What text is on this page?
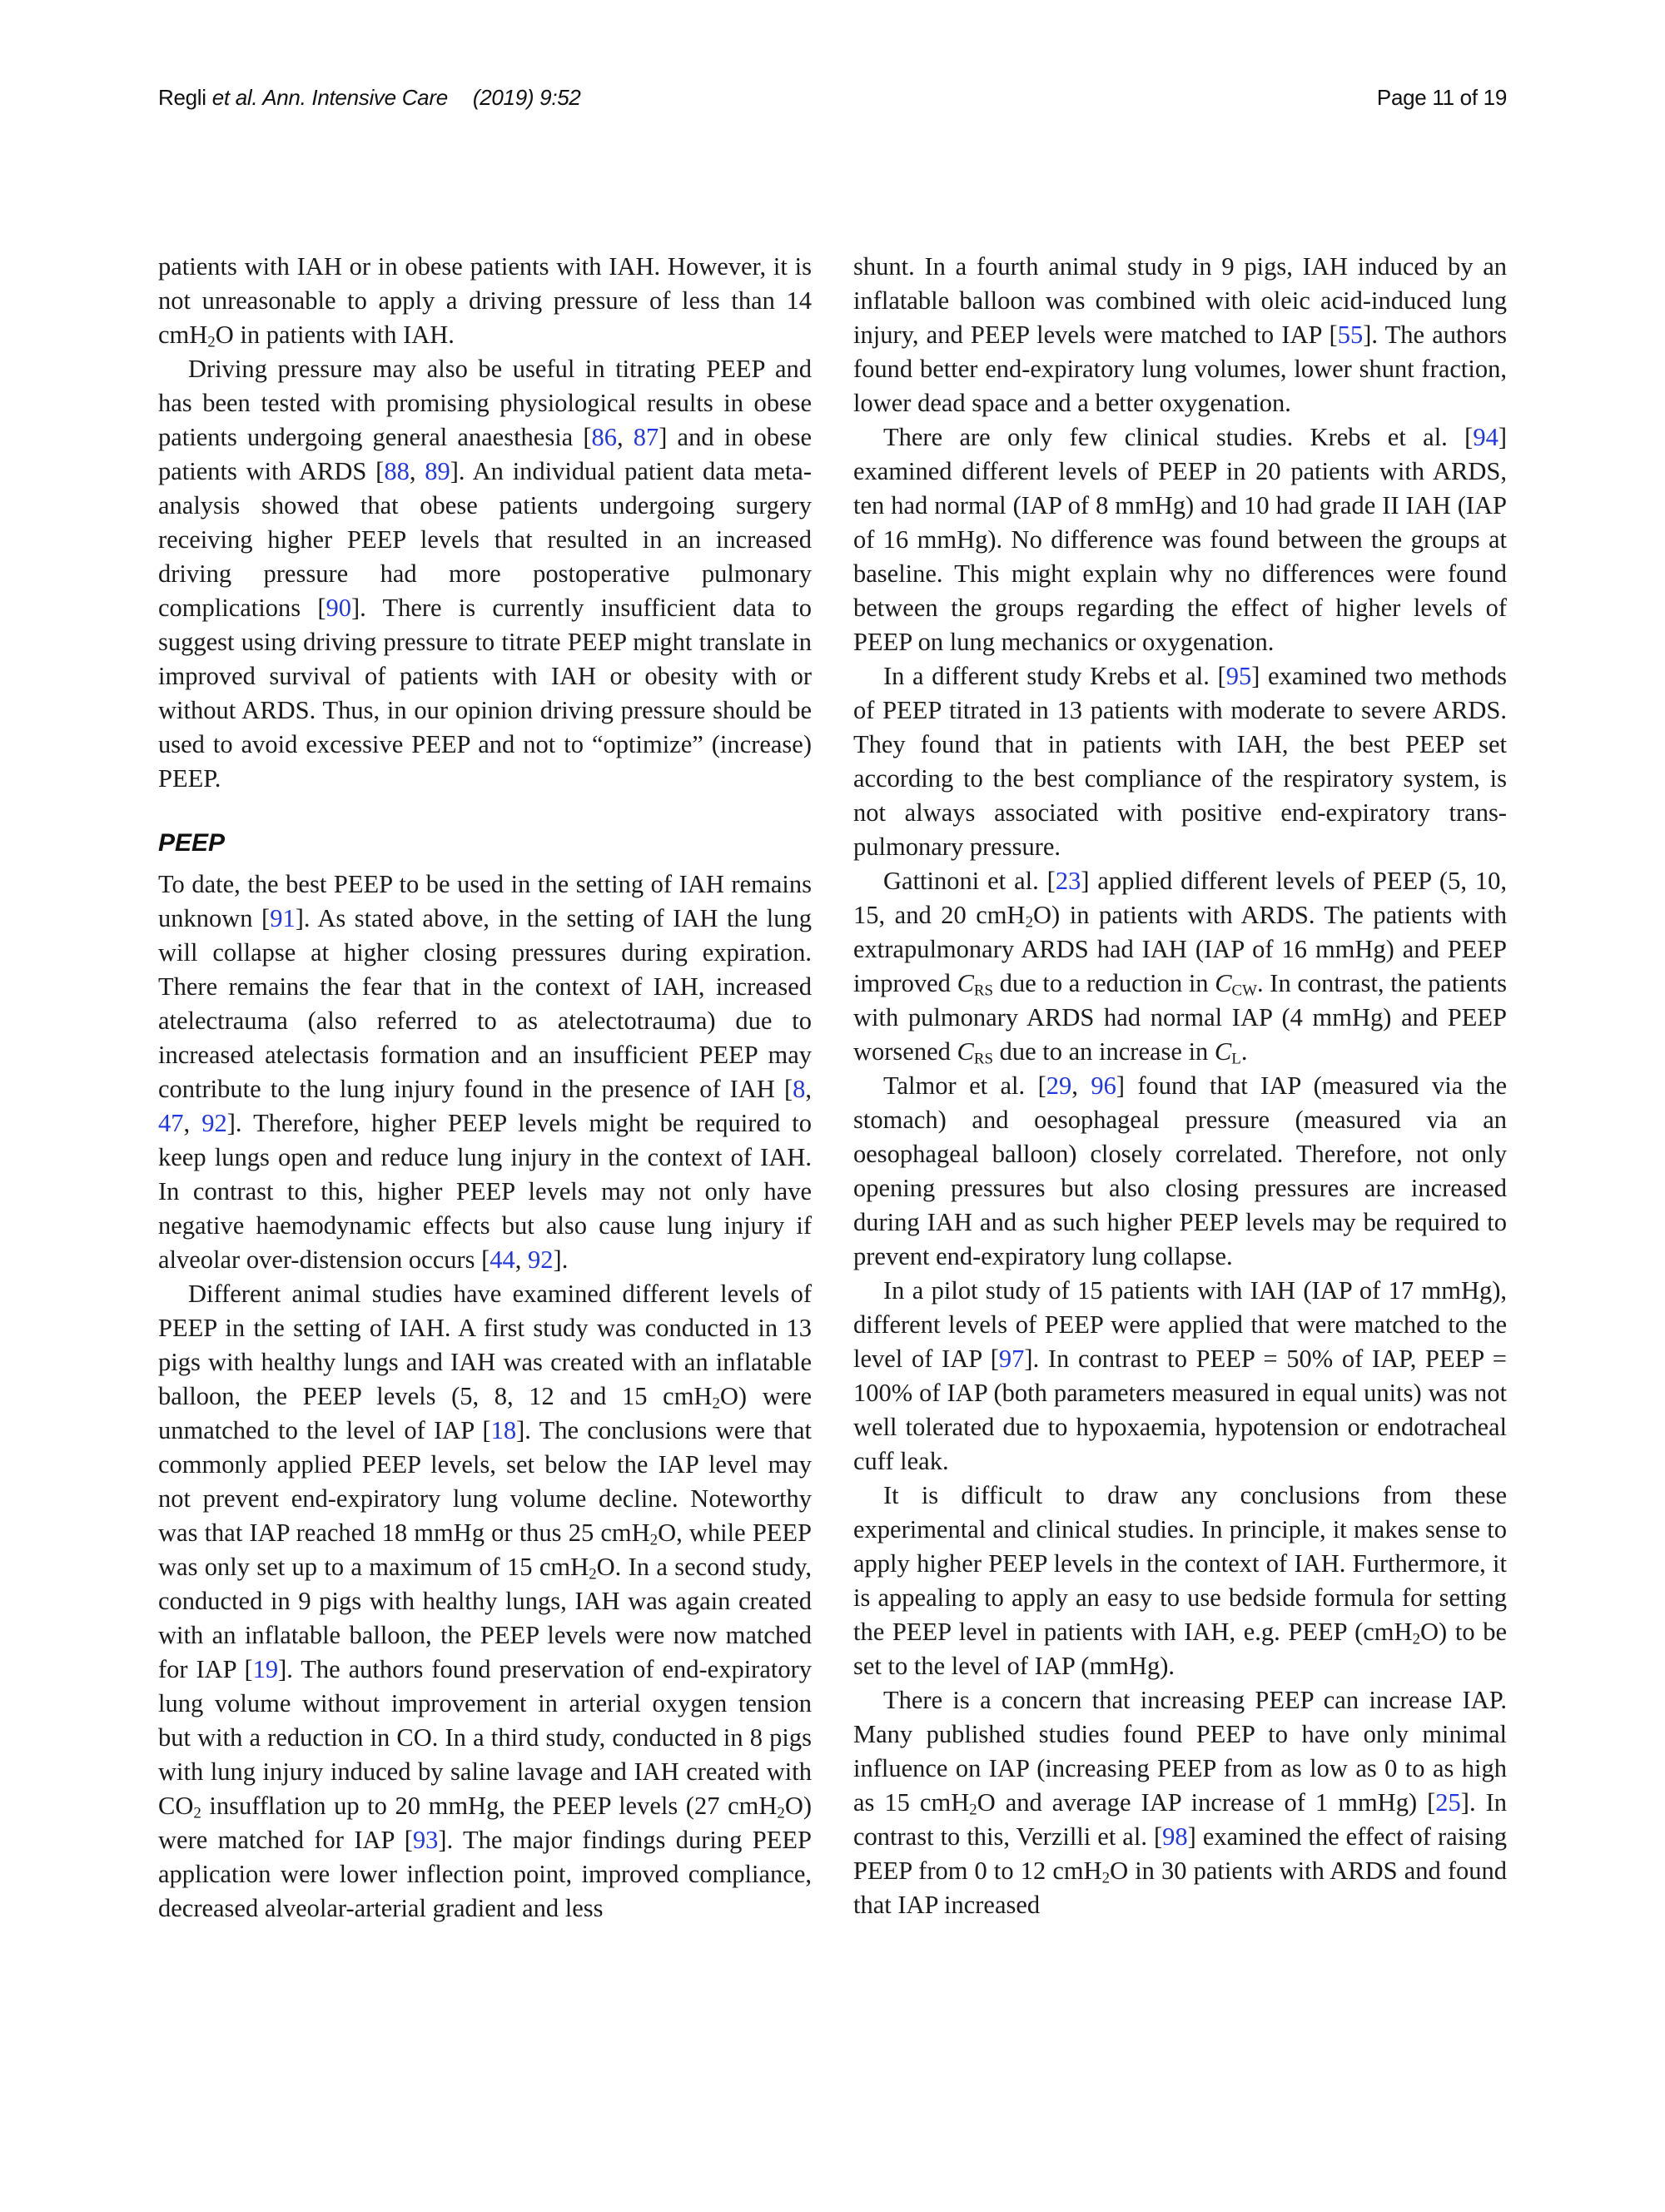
Regli et al. Ann. Intensive Care (2019) 9:52	Page 11 of 19

patients with IAH or in obese patients with IAH. However, it is not unreasonable to apply a driving pressure of less than 14 cmH$_2$O in patients with IAH.

Driving pressure may also be useful in titrating PEEP and has been tested with promising physiological results in obese patients undergoing general anaesthesia [86, 87] and in obese patients with ARDS [88, 89]. An individual patient data meta-analysis showed that obese patients undergoing surgery receiving higher PEEP levels that resulted in an increased driving pressure had more postoperative pulmonary complications [90]. There is currently insufficient data to suggest using driving pressure to titrate PEEP might translate in improved survival of patients with IAH or obesity with or without ARDS. Thus, in our opinion driving pressure should be used to avoid excessive PEEP and not to “optimize” (increase) PEEP.

PEEP

To date, the best PEEP to be used in the setting of IAH remains unknown [91]. As stated above, in the setting of IAH the lung will collapse at higher closing pressures during expiration. There remains the fear that in the context of IAH, increased atelectrauma (also referred to as atelectotrauma) due to increased atelectasis formation and an insufficient PEEP may contribute to the lung injury found in the presence of IAH [8, 47, 92]. Therefore, higher PEEP levels might be required to keep lungs open and reduce lung injury in the context of IAH. In contrast to this, higher PEEP levels may not only have negative haemodynamic effects but also cause lung injury if alveolar over-distension occurs [44, 92].

Different animal studies have examined different levels of PEEP in the setting of IAH. A first study was conducted in 13 pigs with healthy lungs and IAH was created with an inflatable balloon, the PEEP levels (5, 8, 12 and 15 cmH$_2$O) were unmatched to the level of IAP [18]. The conclusions were that commonly applied PEEP levels, set below the IAP level may not prevent end-expiratory lung volume decline. Noteworthy was that IAP reached 18 mmHg or thus 25 cmH$_2$O, while PEEP was only set up to a maximum of 15 cmH$_2$O. In a second study, conducted in 9 pigs with healthy lungs, IAH was again created with an inflatable balloon, the PEEP levels were now matched for IAP [19]. The authors found preservation of end-expiratory lung volume without improvement in arterial oxygen tension but with a reduction in CO. In a third study, conducted in 8 pigs with lung injury induced by saline lavage and IAH created with $CO_2$ insufflation up to 20 mmHg, the PEEP levels (27 cmH$_2$O) were matched for IAP [93]. The major findings during PEEP application were lower inflection point, improved compliance, decreased alveolar-arterial gradient and less

shunt. In a fourth animal study in 9 pigs, IAH induced by an inflatable balloon was combined with oleic acid-induced lung injury, and PEEP levels were matched to IAP [55]. The authors found better end-expiratory lung volumes, lower shunt fraction, lower dead space and a better oxygenation.

There are only few clinical studies. Krebs et al. [94] examined different levels of PEEP in 20 patients with ARDS, ten had normal (IAP of 8 mmHg) and 10 had grade II IAH (IAP of 16 mmHg). No difference was found between the groups at baseline. This might explain why no differences were found between the groups regarding the effect of higher levels of PEEP on lung mechanics or oxygenation.

In a different study Krebs et al. [95] examined two methods of PEEP titrated in 13 patients with moderate to severe ARDS. They found that in patients with IAH, the best PEEP set according to the best compliance of the respiratory system, is not always associated with positive end-expiratory trans-pulmonary pressure.

Gattinoni et al. [23] applied different levels of PEEP (5, 10, 15, and 20 cmH$_2$O) in patients with ARDS. The patients with extrapulmonary ARDS had IAH (IAP of 16 mmHg) and PEEP improved $C_{RS}$ due to a reduction in $C_{CW}$. In contrast, the patients with pulmonary ARDS had normal IAP (4 mmHg) and PEEP worsened $C_{RS}$ due to an increase in $C_L$.

Talmor et al. [29, 96] found that IAP (measured via the stomach) and oesophageal pressure (measured via an oesophageal balloon) closely correlated. Therefore, not only opening pressures but also closing pressures are increased during IAH and as such higher PEEP levels may be required to prevent end-expiratory lung collapse.

In a pilot study of 15 patients with IAH (IAP of 17 mmHg), different levels of PEEP were applied that were matched to the level of IAP [97]. In contrast to PEEP = 50% of IAP, PEEP = 100% of IAP (both parameters measured in equal units) was not well tolerated due to hypoxaemia, hypotension or endotracheal cuff leak.

It is difficult to draw any conclusions from these experimental and clinical studies. In principle, it makes sense to apply higher PEEP levels in the context of IAH. Furthermore, it is appealing to apply an easy to use bedside formula for setting the PEEP level in patients with IAH, e.g. PEEP (cmH$_2$O) to be set to the level of IAP (mmHg).

There is a concern that increasing PEEP can increase IAP. Many published studies found PEEP to have only minimal influence on IAP (increasing PEEP from as low as 0 to as high as 15 cmH$_2$O and average IAP increase of 1 mmHg) [25]. In contrast to this, Verzilli et al. [98] examined the effect of raising PEEP from 0 to 12 cmH$_2$O in 30 patients with ARDS and found that IAP increased
